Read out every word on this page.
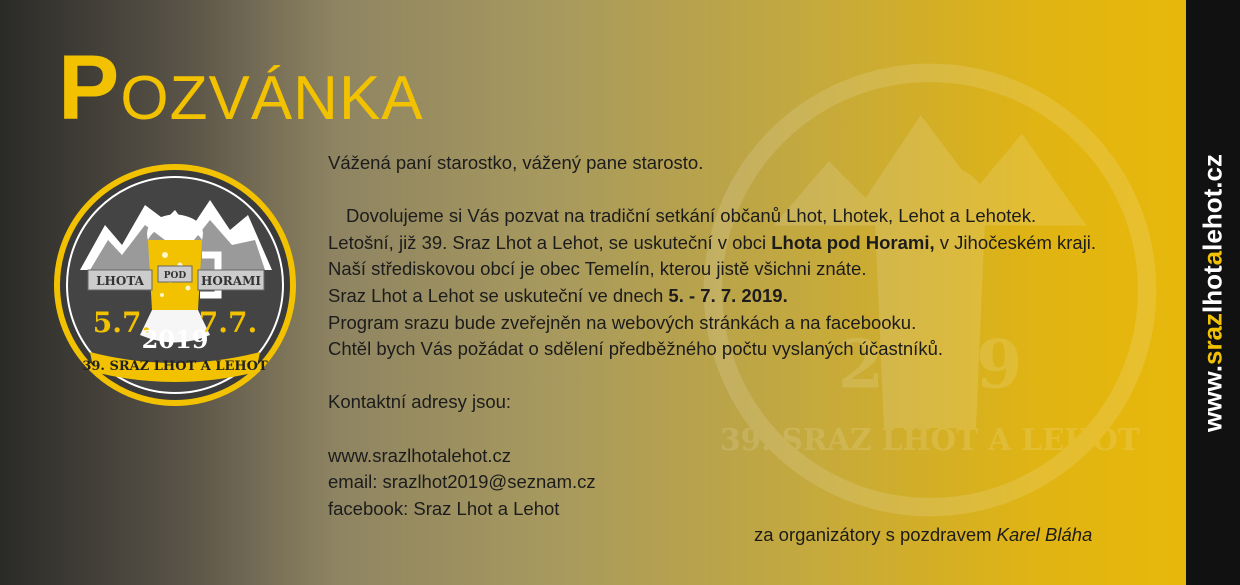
2019
39. SRAZ LHOT A LEHOT
POZVÁNKA
LHOTA POD HORAMI
5.7. 7.7.
2019
39. SRAZ LHOT A LEHOT
Vážená paní starostko, vážený pane starosto.
Dovolujeme si Vás pozvat na tradiční setkání občanů Lhot, Lhotek, Lehot a Lehotek.
Letošní, již 39. Sraz Lhot a Lehot, se uskuteční v obci Lhota pod Horami, v Jihočeském kraji.
Naší střediskovou obcí je obec Temelín, kterou jistě všichni znáte.
Sraz Lhot a Lehot se uskuteční ve dnech 5. - 7. 7. 2019.
Program srazu bude zveřejněn na webových stránkách a na facebooku.
Chtěl bych Vás požádat o sdělení předběžného počtu vyslaných účastníků.
Kontaktní adresy jsou:
www.srazlhotalehot.cz
email: srazlhot2019@seznam.cz
facebook: Sraz Lhot a Lehot
za organizátory s pozdravem Karel Bláha
www.srazlhotalehot.cz
